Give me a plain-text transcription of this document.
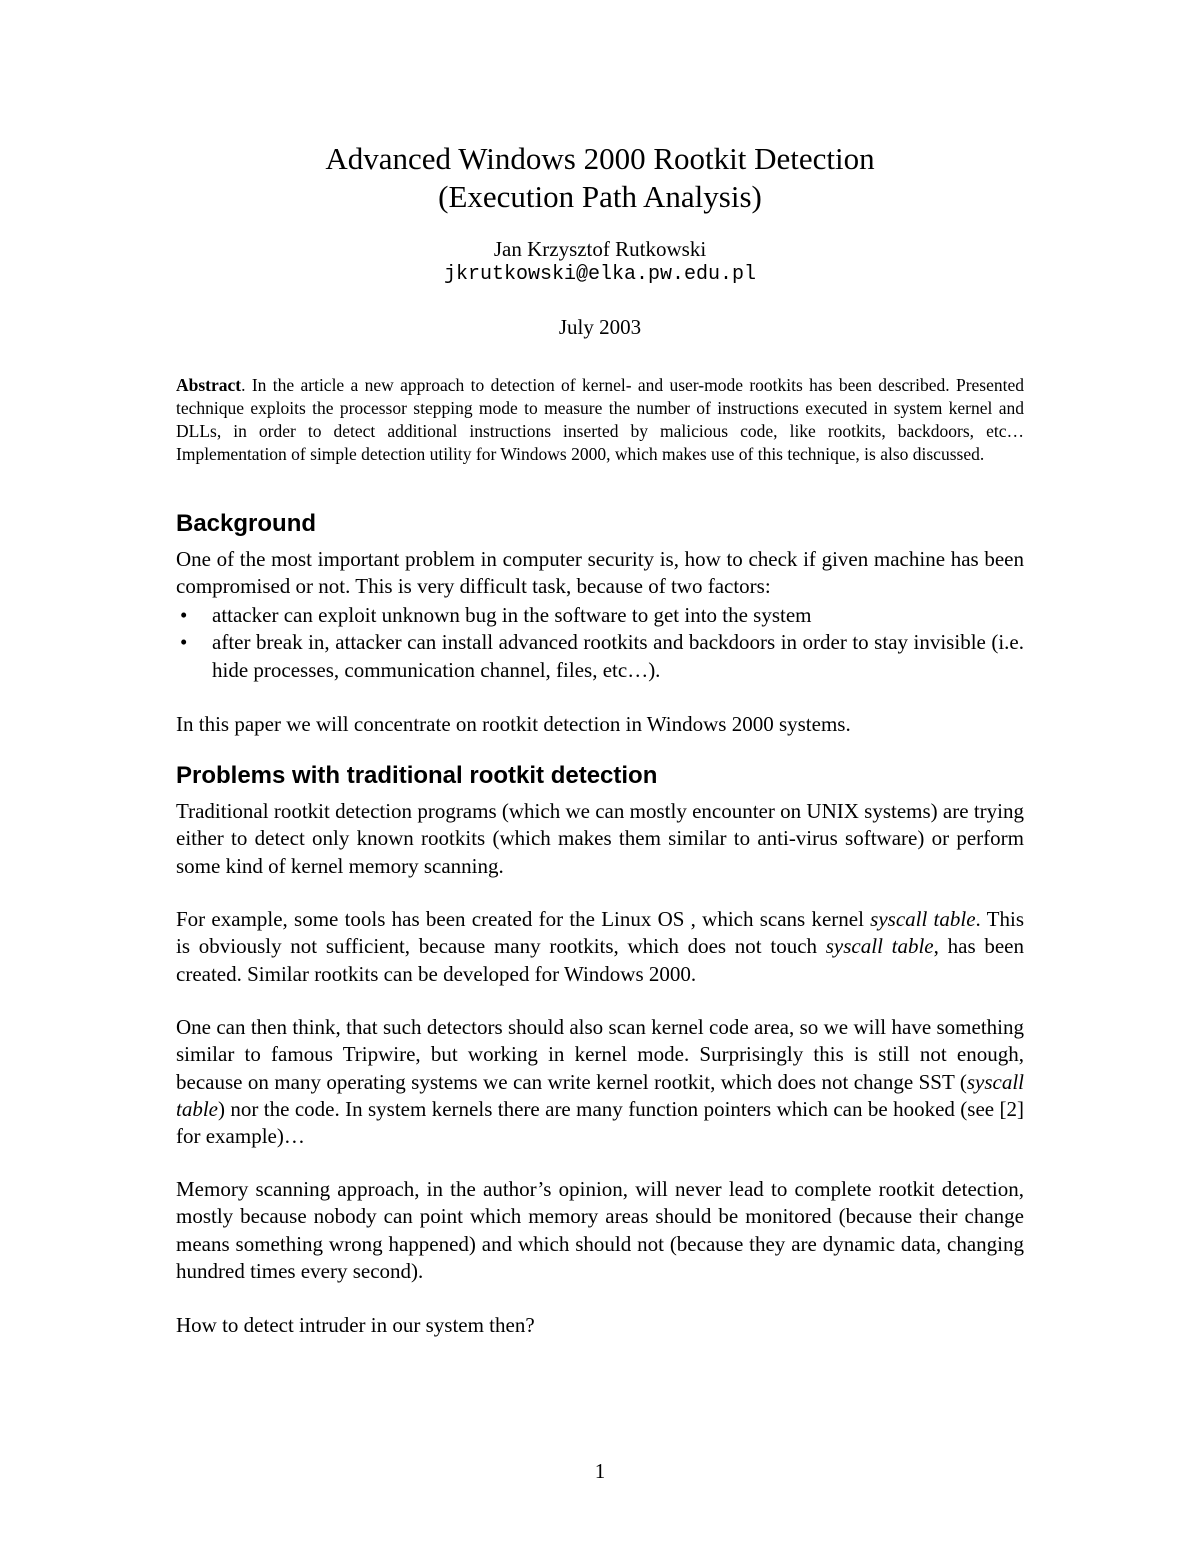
Advanced Windows 2000 Rootkit Detection
(Execution Path Analysis)
Jan Krzysztof Rutkowski
jkrutkowski@elka.pw.edu.pl
July 2003
Abstract. In the article a new approach to detection of kernel- and user-mode rootkits has been described. Presented technique exploits the processor stepping mode to measure the number of instructions executed in system kernel and DLLs, in order to detect additional instructions inserted by malicious code, like rootkits, backdoors, etc… Implementation of simple detection utility for Windows 2000, which makes use of this technique, is also discussed.
Background

One of the most important problem in computer security is, how to check if given machine has been compromised or not. This is very difficult task, because of two factors:

• attacker can exploit unknown bug in the software to get into the system
• after break in, attacker can install advanced rootkits and backdoors in order to stay invisible (i.e. hide processes, communication channel, files, etc…).

In this paper we will concentrate on rootkit detection in Windows 2000 systems.

Problems with traditional rootkit detection

Traditional rootkit detection programs (which we can mostly encounter on UNIX systems) are trying either to detect only known rootkits (which makes them similar to anti-virus software) or perform some kind of kernel memory scanning.

For example, some tools has been created for the Linux OS , which scans kernel syscall table. This is obviously not sufficient, because many rootkits, which does not touch syscall table, has been created. Similar rootkits can be developed for Windows 2000.

One can then think, that such detectors should also scan kernel code area, so we will have something similar to famous Tripwire, but working in kernel mode. Surprisingly this is still not enough, because on many operating systems we can write kernel rootkit, which does not change SST (syscall table) nor the code. In system kernels there are many function pointers which can be hooked (see [2] for example)…

Memory scanning approach, in the author’s opinion, will never lead to complete rootkit detection, mostly because nobody can point which memory areas should be monitored (because their change means something wrong happened) and which should not (because they are dynamic data, changing hundred times every second).

How to detect intruder in our system then?

1
